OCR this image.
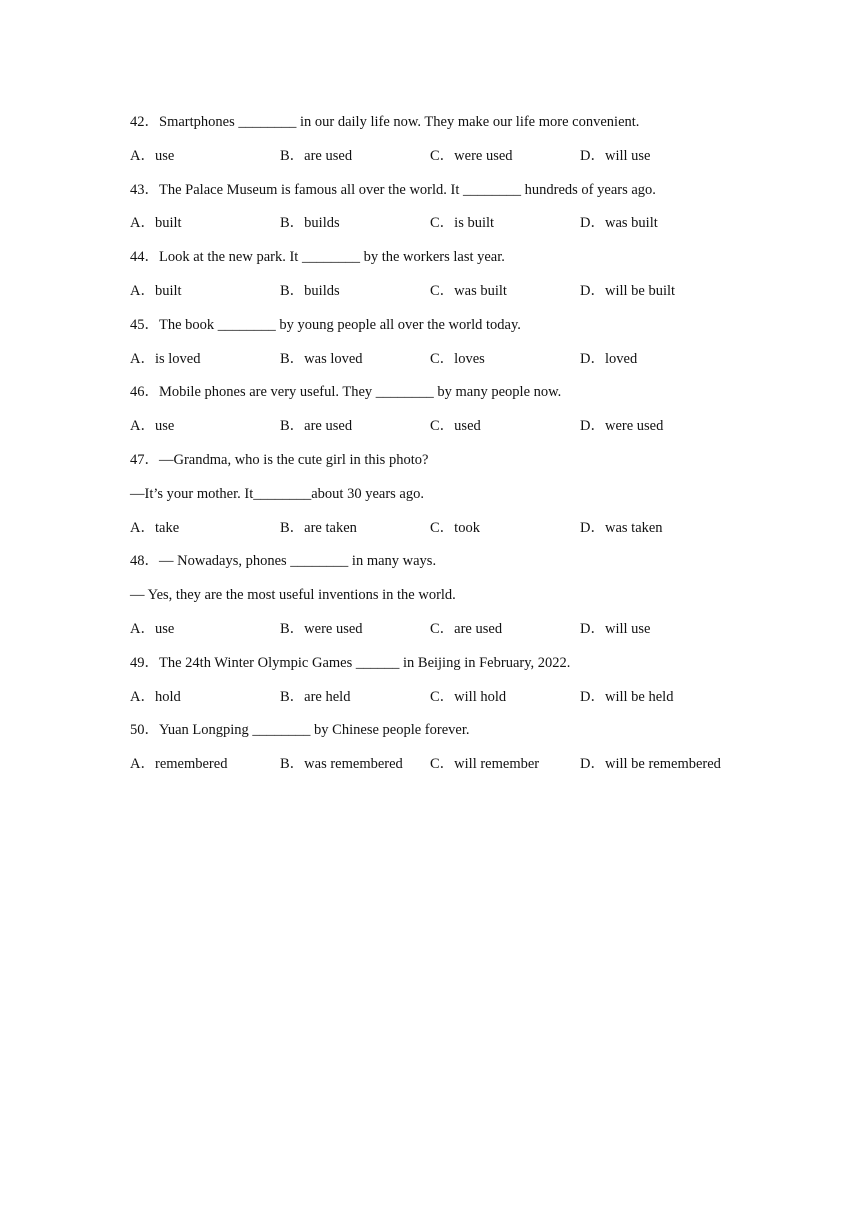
42．Smartphones ________ in our daily life now. They make our life more convenient.
A．use	B．are used	C．were used	D．will use
43．The Palace Museum is famous all over the world. It ________ hundreds of years ago.
A．built	B．builds	C．is built	D．was built
44．Look at the new park. It ________ by the workers last year.
A．built	B．builds	C．was built	D．will be built
45．The book ________ by young people all over the world today.
A．is loved	B．was loved	C．loves	D．loved
46．Mobile phones are very useful. They ________ by many people now.
A．use	B．are used	C．used	D．were used
47．—Grandma, who is the cute girl in this photo?
—It’s your mother. It________about 30 years ago.
A．take	B．are taken	C．took	D．was taken
48．— Nowadays, phones ________ in many ways.
— Yes, they are the most useful inventions in the world.
A．use	B．were used	C．are used	D．will use
49．The 24th Winter Olympic Games ______ in Beijing in February, 2022.
A．hold	B．are held	C．will hold	D．will be held
50．Yuan Longping ________ by Chinese people forever.
A．remembered	B．was remembered	C．will remember	D．will be remembered
